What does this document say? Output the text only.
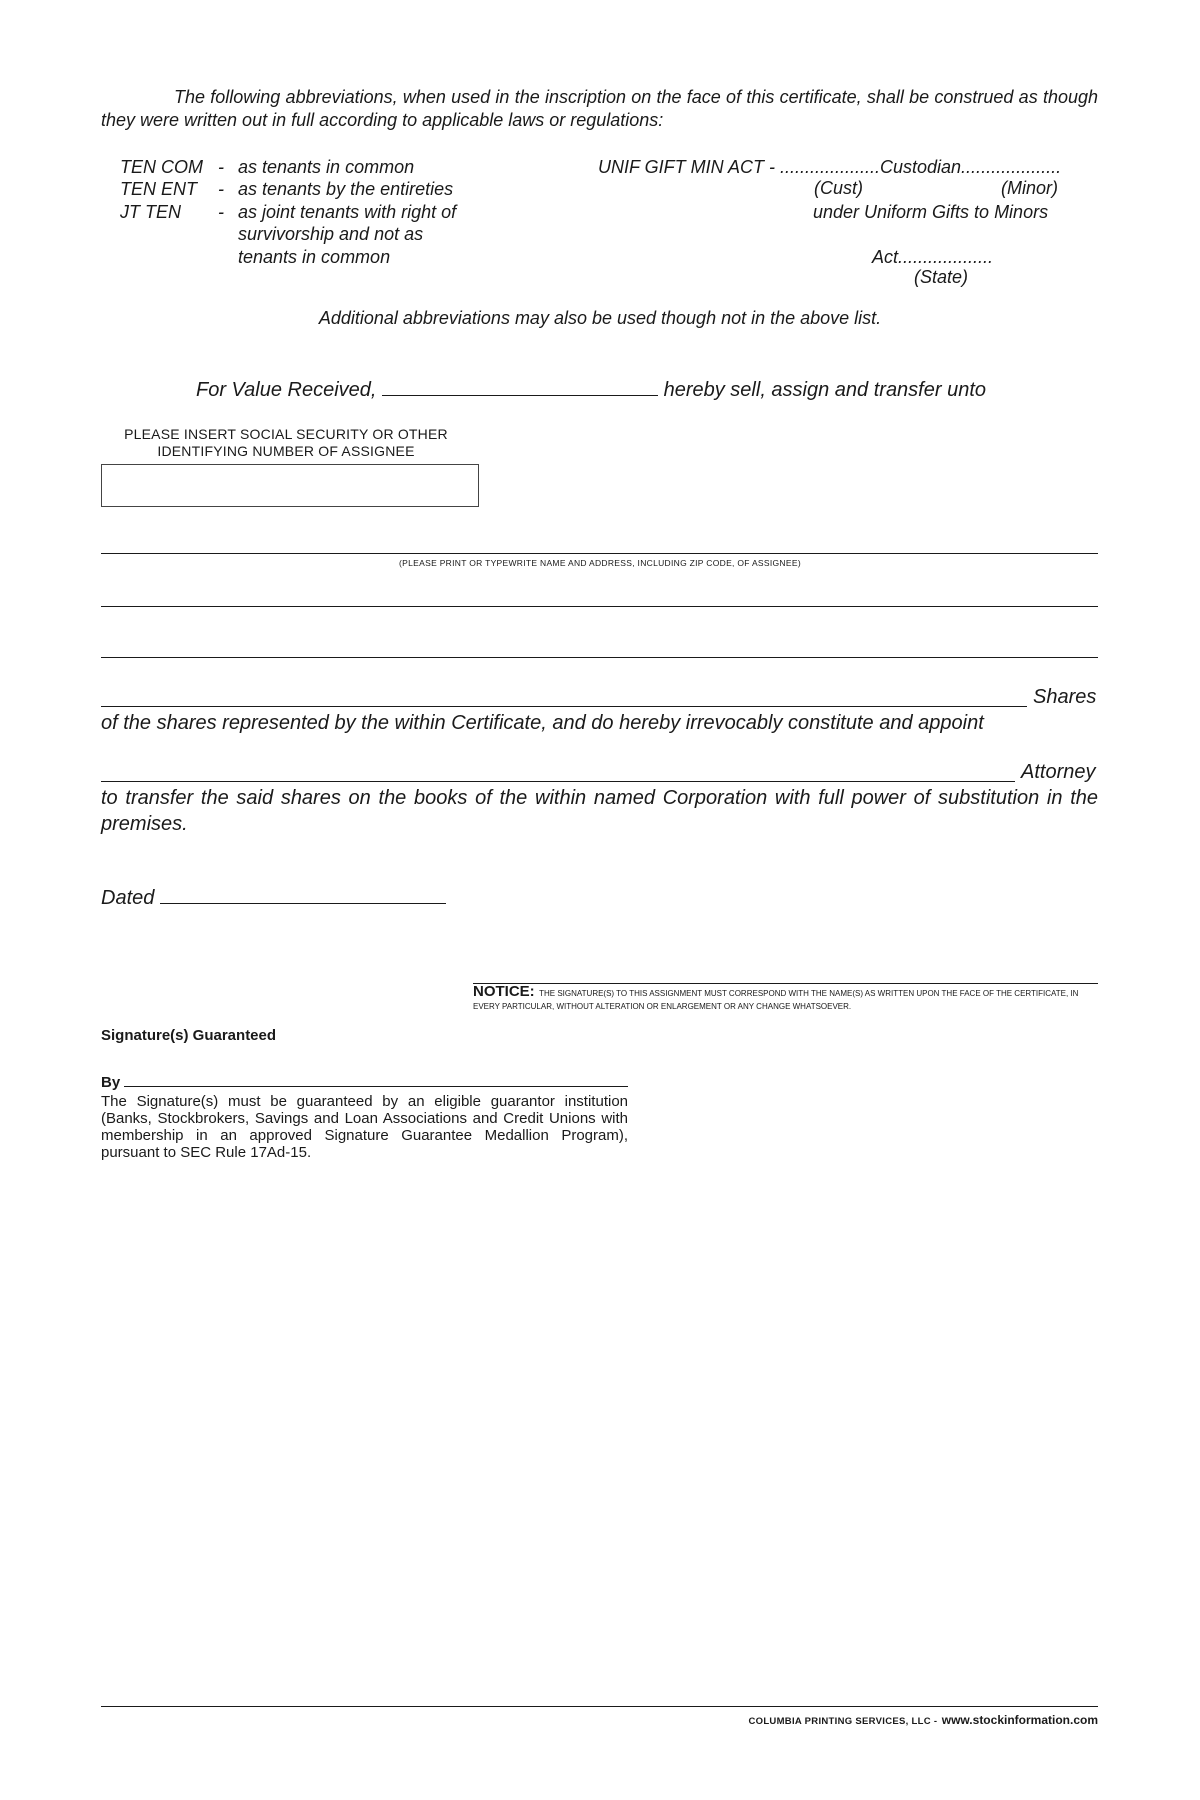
The following abbreviations, when used in the inscription on the face of this certificate, shall be construed as though they were written out in full according to applicable laws or regulations:
TEN COM - as tenants in common
TEN ENT - as tenants by the entireties
JT TEN - as joint tenants with right of
survivorship and not as
tenants in common
UNIF GIFT MIN ACT - ....................Custodian....................
(Cust)	(Minor)
under Uniform Gifts to Minors
Act...................
(State)
Additional abbreviations may also be used though not in the above list.
For Value Received,	hereby sell, assign and transfer unto
PLEASE INSERT SOCIAL SECURITY OR OTHER
IDENTIFYING NUMBER OF ASSIGNEE
(PLEASE PRINT OR TYPEWRITE NAME AND ADDRESS, INCLUDING ZIP CODE, OF ASSIGNEE)
Shares
of the shares represented by the within Certificate, and do hereby irrevocably constitute and appoint
Attorney
to transfer the said shares on the books of the within named Corporation with full power of substitution in the premises.
Dated
NOTICE: THE SIGNATURE(S) TO THIS ASSIGNMENT MUST CORRESPOND WITH THE NAME(S) AS WRITTEN UPON THE FACE OF THE CERTIFICATE, IN EVERY PARTICULAR, WITHOUT ALTERATION OR ENLARGEMENT OR ANY CHANGE WHATSOEVER.
Signature(s) Guaranteed
By
The Signature(s) must be guaranteed by an eligible guarantor institution (Banks, Stockbrokers, Savings and Loan Associations and Credit Unions with membership in an approved Signature Guarantee Medallion Program), pursuant to SEC Rule 17Ad-15.
COLUMBIA PRINTING SERVICES, LLC - www.stockinformation.com
